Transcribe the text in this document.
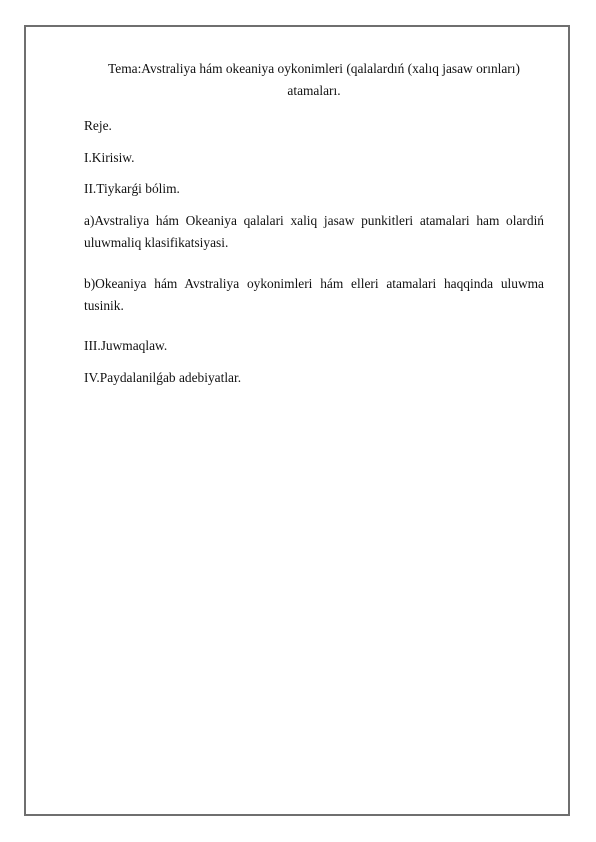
Tema:Avstraliya hám okeaniya oykonimleri (qalalardıń (xalıq jasaw orınları)
atamaları.

Reje.

I.Kirisiw.

II.Tiykarǵi bólim.

a)Avstraliya hám Okeaniya qalalari xaliq jasaw punkitleri atamalari ham olardiń
uluwmaliq klasifikatsiyasi.
b)Okeaniya hám Avstraliya oykonimleri hám elleri atamalari haqqinda uluwma
tusinik.

III.Juwmaqlaw.

IV.Paydalanilǵab adebiyatlar.
